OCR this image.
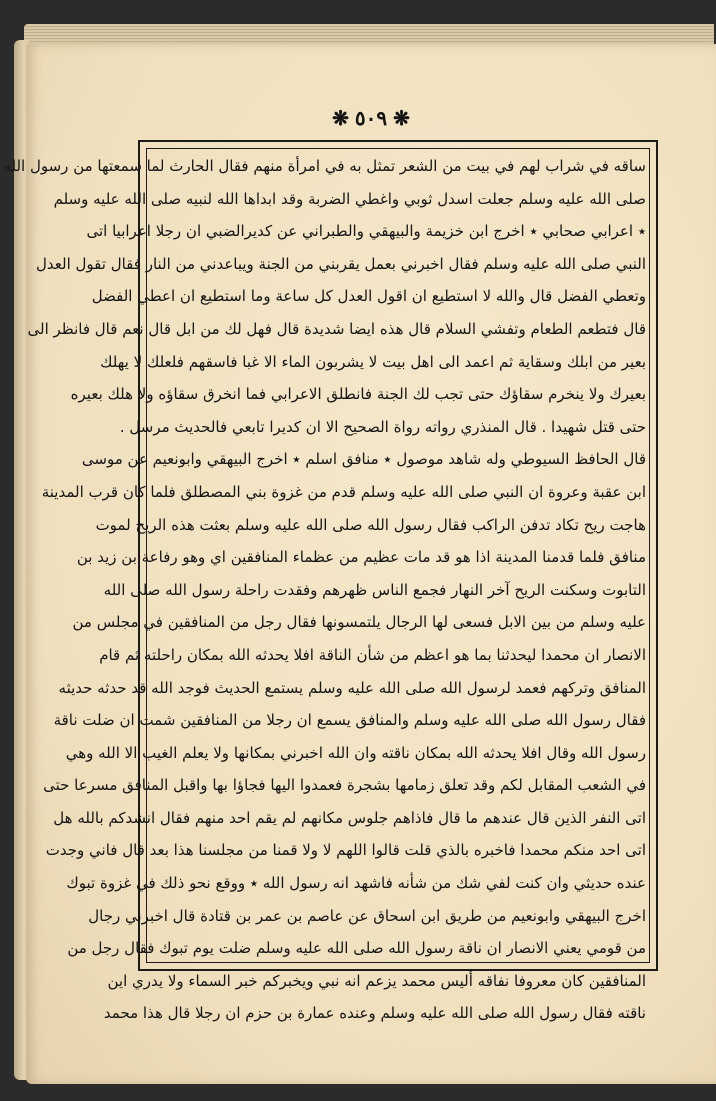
❋ ٥٠٩ ❋
ساقه في شراب لهم في بيت من الشعر تمثل به في امرأة منهم فقال الحارث لما سمعتها من رسول الله
صلى الله عليه وسلم جعلت اسدل ثوبي واغطي الضربة وقد ابداها الله لنبيه صلى الله عليه وسلم
٭ اعرابي صحابي ٭ اخرج ابن خزيمة والبيهقي والطبراني عن كديرالضبي ان رجلا اعرابيا اتى
النبي صلى الله عليه وسلم فقال اخبرني بعمل يقربني من الجنة ويباعدني من النار فقال تقول العدل
وتعطي الفضل قال والله لا استطيع ان اقول العدل كل ساعة وما استطيع ان اعطي الفضل
قال فتطعم الطعام وتفشي السلام قال هذه ايضا شديدة قال فهل لك من ابل قال نعم قال فانظر الى
بعير من ابلك وسقاية ثم اعمد الى اهل بيت لا يشربون الماء الا غبا فاسقهم فلعلك لا يهلك
بعيرك ولا ينخرم سقاؤك حتى تجب لك الجنة فانطلق الاعرابي فما انخرق سقاؤه ولا هلك بعيره
حتى قتل شهيدا . قال المنذري رواته رواة الصحيح الا ان كديرا تابعي فالحديث مرسل .
قال الحافظ السيوطي وله شاهد موصول ٭ منافق اسلم ٭ اخرج البيهقي وابونعيم عن موسى
ابن عقبة وعروة ان النبي صلى الله عليه وسلم قدم من غزوة بني المصطلق فلما كان قرب المدينة
هاجت ريح تكاد تدفن الراكب فقال رسول الله صلى الله عليه وسلم بعثت هذه الريح لموت
منافق فلما قدمنا المدينة اذا هو قد مات عظيم من عظماء المنافقين اي وهو رفاعة بن زيد بن
التابوت وسكنت الريح آخر النهار فجمع الناس ظهرهم وفقدت راحلة رسول الله صلى الله
عليه وسلم من بين الابل فسعى لها الرجال يلتمسونها فقال رجل من المنافقين في مجلس من
الانصار ان محمدا ليحدثنا بما هو اعظم من شأن الناقة افلا يحدثه الله بمكان راحلته ثم قام
المنافق وتركهم فعمد لرسول الله صلى الله عليه وسلم يستمع الحديث فوجد الله قد حدثه حديثه
فقال رسول الله صلى الله عليه وسلم والمنافق يسمع ان رجلا من المنافقين شمت ان ضلت ناقة
رسول الله وقال افلا يحدثه الله بمكان ناقته وان الله اخبرني بمكانها ولا يعلم الغيب الا الله وهي
في الشعب المقابل لكم وقد تعلق زمامها بشجرة فعمدوا اليها فجاؤا بها واقبل المنافق مسرعا حتى
اتى النفر الذين قال عندهم ما قال فاذاهم جلوس مكانهم لم يقم احد منهم فقال انشدكم بالله هل
اتى احد منكم محمدا فاخبره بالذي قلت قالوا اللهم لا ولا قمنا من مجلسنا هذا بعد قال فاني وجدت
عنده حديثي وان كنت لفي شك من شأنه فاشهد انه رسول الله ٭ ووقع نحو ذلك في غزوة تبوك
اخرج البيهقي وابونعيم من طريق ابن اسحاق عن عاصم بن عمر بن قتادة قال اخبرني رجال
من قومي يعني الانصار ان ناقة رسول الله صلى الله عليه وسلم ضلت يوم تبوك فقال رجل من
المنافقين كان معروفا نفاقه أليس محمد يزعم انه نبي ويخبركم خبر السماء ولا يدري اين
ناقته فقال رسول الله صلى الله عليه وسلم وعنده عمارة بن حزم ان رجلا قال هذا محمد
